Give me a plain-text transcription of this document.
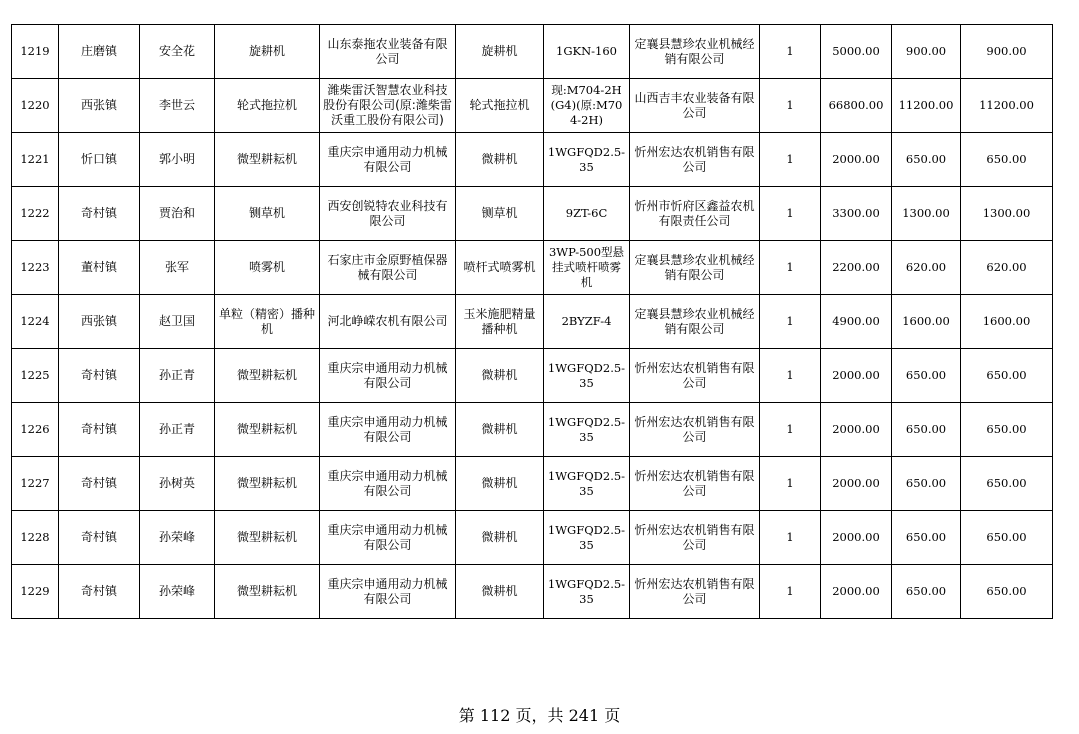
1219	庄磨镇	安全花	旋耕机	山东泰拖农业装备有限公司	旋耕机	1GKN-160	定襄县慧珍农业机械经销有限公司	1	5000.00	900.00	900.00

1220	西张镇	李世云	轮式拖拉机	潍柴雷沃智慧农业科技股份有限公司(原:潍柴雷沃重工股份有限公司)	轮式拖拉机	现:M704-2H(G4)(原:M704-2H)	山西吉丰农业装备有限公司	1	66800.00	11200.00	11200.00

1221	忻口镇	郭小明	微型耕耘机	重庆宗申通用动力机械有限公司	微耕机	1WGFQD2.5-35	忻州宏达农机销售有限公司	1	2000.00	650.00	650.00

1222	奇村镇	贾治和	铡草机	西安创锐特农业科技有限公司	铡草机	9ZT-6C	忻州市忻府区鑫益农机有限责任公司	1	3300.00	1300.00	1300.00

1223	董村镇	张军	喷雾机	石家庄市金原野植保器械有限公司	喷杆式喷雾机	3WP-500型悬挂式喷杆喷雾机	定襄县慧珍农业机械经销有限公司	1	2200.00	620.00	620.00

1224	西张镇	赵卫国	单粒（精密）播种机	河北峥嵘农机有限公司	玉米施肥精量播种机	2BYZF-4	定襄县慧珍农业机械经销有限公司	1	4900.00	1600.00	1600.00

1225	奇村镇	孙正青	微型耕耘机	重庆宗申通用动力机械有限公司	微耕机	1WGFQD2.5-35	忻州宏达农机销售有限公司	1	2000.00	650.00	650.00

1226	奇村镇	孙正青	微型耕耘机	重庆宗申通用动力机械有限公司	微耕机	1WGFQD2.5-35	忻州宏达农机销售有限公司	1	2000.00	650.00	650.00

1227	奇村镇	孙树英	微型耕耘机	重庆宗申通用动力机械有限公司	微耕机	1WGFQD2.5-35	忻州宏达农机销售有限公司	1	2000.00	650.00	650.00

1228	奇村镇	孙荣峰	微型耕耘机	重庆宗申通用动力机械有限公司	微耕机	1WGFQD2.5-35	忻州宏达农机销售有限公司	1	2000.00	650.00	650.00

1229	奇村镇	孙荣峰	微型耕耘机	重庆宗申通用动力机械有限公司	微耕机	1WGFQD2.5-35	忻州宏达农机销售有限公司	1	2000.00	650.00	650.00
第 112 页，共 241 页
